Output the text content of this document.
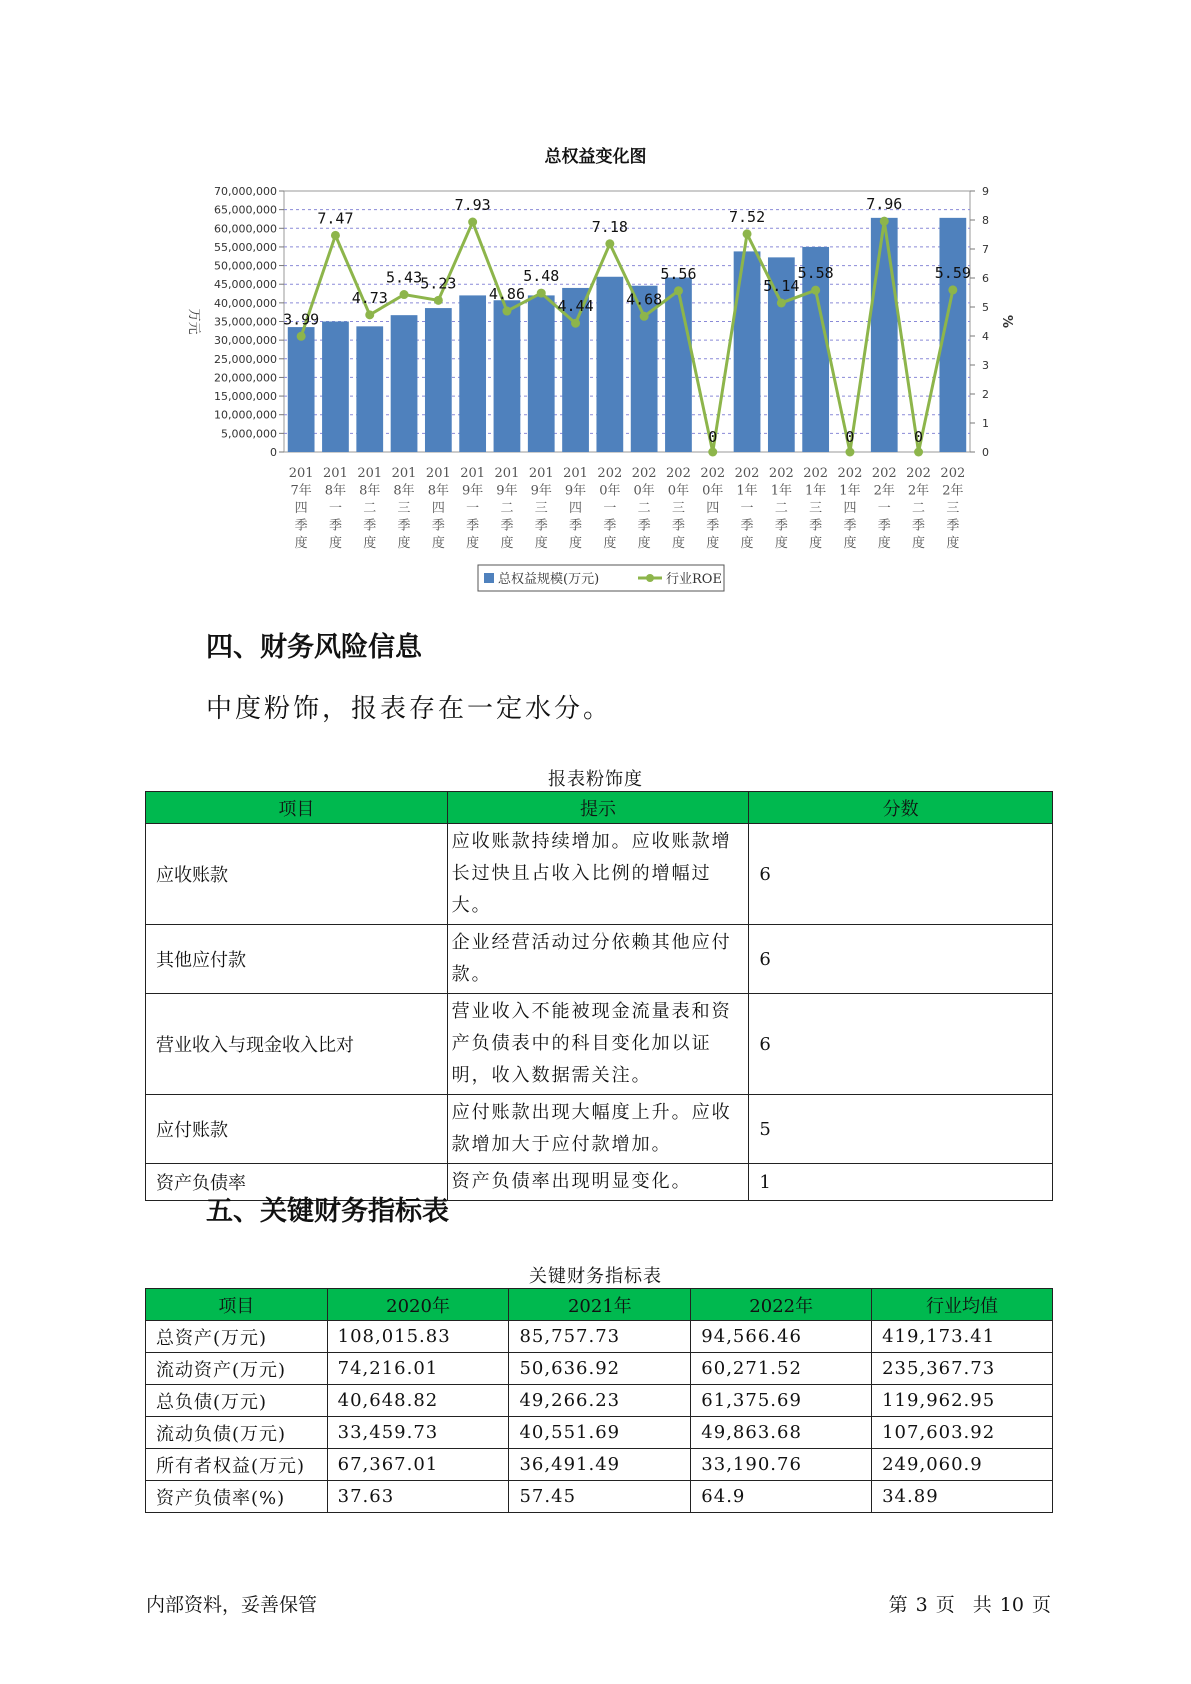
总权益变化图
0
5,000,000
10,000,000
15,000,000
20,000,000
25,000,000
30,000,000
35,000,000
40,000,000
45,000,000
50,000,000
55,000,000
60,000,000
65,000,000
70,000,000
0
1
2
3
4
5
6
7
8
9
万元	%
201 7年四季度
201 8年一季度
201 8年二季度
201 8年三季度
201 8年四季度
201 9年一季度
201 9年二季度
201 9年三季度
201 9年四季度
202 0年一季度
202 0年二季度
202 0年三季度
202 0年四季度
202 1年一季度
202 1年二季度
202 1年三季度
202 1年四季度
202 2年一季度
202 2年二季度
202 2年三季度
3.99
7.47
4.73
5.43
5.23
7.93
4.86
5.48
4.44
7.18
4.68
5.56
0
7.52
5.14
5.58
0
7.96
0
5.59
总权益规模(万元)	行业ROE
四、财务风险信息
中度粉饰，报表存在一定水分。
报表粉饰度
项目	提示	分数
应收账款	应收账款持续增加。应收账款增长过快且占收入比例的增幅过大。	6
其他应付款	企业经营活动过分依赖其他应付款。	6
营业收入与现金收入比对	营业收入不能被现金流量表和资产负债表中的科目变化加以证明，收入数据需关注。	6
应付账款	应付账款出现大幅度上升。应收款增加大于应付款增加。	5
资产负债率	资产负债率出现明显变化。	1
五、关键财务指标表
关键财务指标表
项目	2020年	2021年	2022年	行业均值
总资产(万元)	108,015.83	85,757.73	94,566.46	419,173.41
流动资产(万元)	74,216.01	50,636.92	60,271.52	235,367.73
总负债(万元)	40,648.82	49,266.23	61,375.69	119,962.95
流动负债(万元)	33,459.73	40,551.69	49,863.68	107,603.92
所有者权益(万元)	67,367.01	36,491.49	33,190.76	249,060.9
资产负债率(%)	37.63	57.45	64.9	34.89
内部资料，妥善保管	第 3 页 共 10 页
